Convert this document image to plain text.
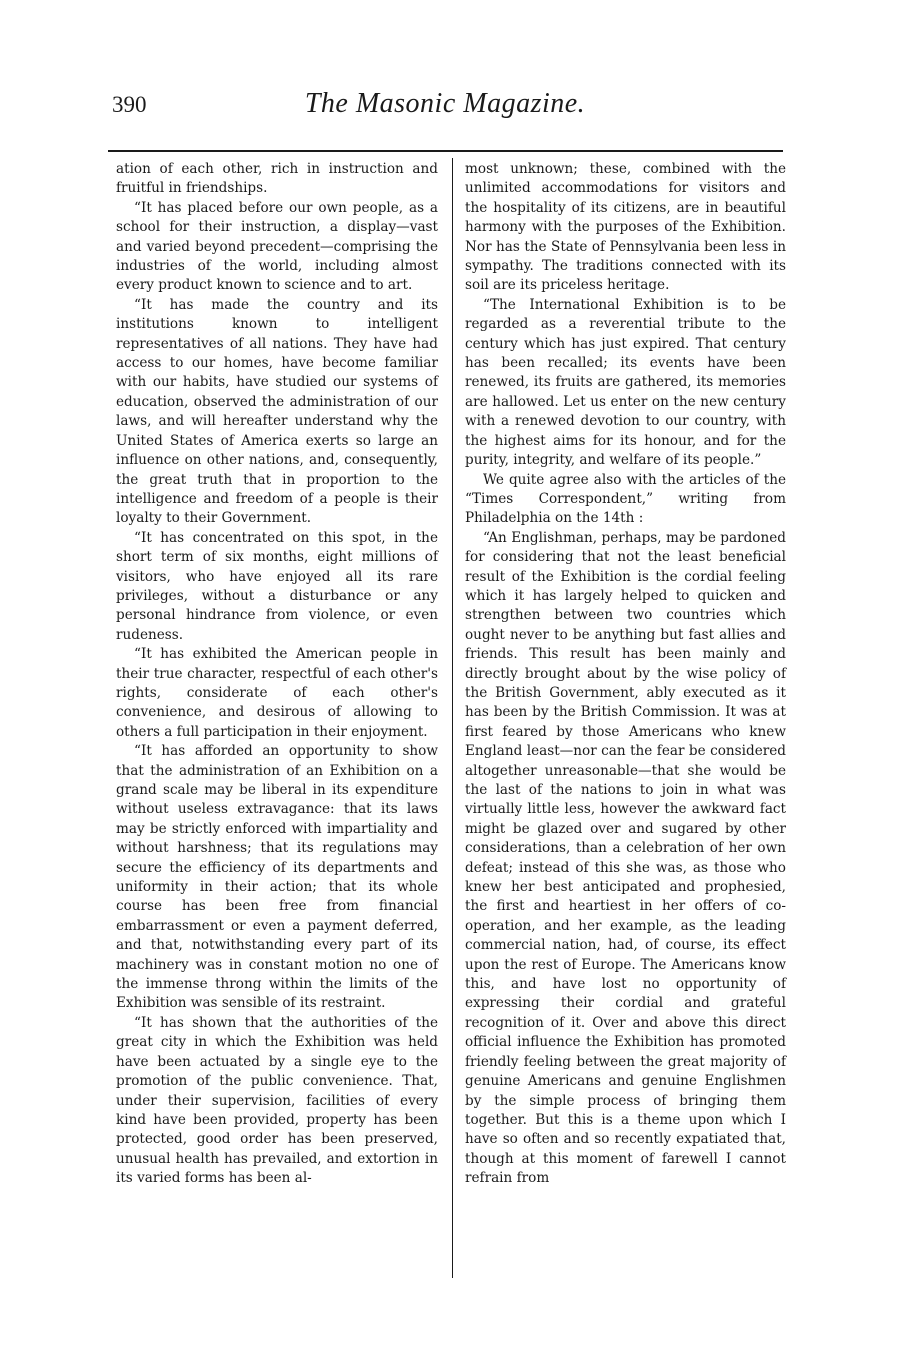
390	The Masonic Magazine.

ation of each other, rich in instruction and fruitful in friendships.

“It has placed before our own people, as a school for their instruction, a display—vast and varied beyond precedent—comprising the industries of the world, including almost every product known to science and to art.

“It has made the country and its institutions known to intelligent representatives of all nations. They have had access to our homes, have become familiar with our habits, have studied our systems of education, observed the administration of our laws, and will hereafter understand why the United States of America exerts so large an influence on other nations, and, consequently, the great truth that in proportion to the intelligence and freedom of a people is their loyalty to their Government.

“It has concentrated on this spot, in the short term of six months, eight millions of visitors, who have enjoyed all its rare privileges, without a disturbance or any personal hindrance from violence, or even rudeness.

“It has exhibited the American people in their true character, respectful of each other's rights, considerate of each other's convenience, and desirous of allowing to others a full participation in their enjoyment.

“It has afforded an opportunity to show that the administration of an Exhibition on a grand scale may be liberal in its expenditure without useless extravagance: that its laws may be strictly enforced with impartiality and without harshness; that its regulations may secure the efficiency of its departments and uniformity in their action; that its whole course has been free from financial embarrassment or even a payment deferred, and that, notwithstanding every part of its machinery was in constant motion no one of the immense throng within the limits of the Exhibition was sensible of its restraint.

“It has shown that the authorities of the great city in which the Exhibition was held have been actuated by a single eye to the promotion of the public convenience. That, under their supervision, facilities of every kind have been provided, property has been protected, good order has been preserved, unusual health has prevailed, and extortion in its varied forms has been al-

most unknown; these, combined with the unlimited accommodations for visitors and the hospitality of its citizens, are in beautiful harmony with the purposes of the Exhibition. Nor has the State of Pennsylvania been less in sympathy. The traditions connected with its soil are its priceless heritage.

“The International Exhibition is to be regarded as a reverential tribute to the century which has just expired. That century has been recalled; its events have been renewed, its fruits are gathered, its memories are hallowed. Let us enter on the new century with a renewed devotion to our country, with the highest aims for its honour, and for the purity, integrity, and welfare of its people.”

We quite agree also with the articles of the “Times Correspondent,” writing from Philadelphia on the 14th :

“An Englishman, perhaps, may be pardoned for considering that not the least beneficial result of the Exhibition is the cordial feeling which it has largely helped to quicken and strengthen between two countries which ought never to be anything but fast allies and friends. This result has been mainly and directly brought about by the wise policy of the British Government, ably executed as it has been by the British Commission. It was at first feared by those Americans who knew England least—nor can the fear be considered altogether unreasonable—that she would be the last of the nations to join in what was virtually little less, however the awkward fact might be glazed over and sugared by other considerations, than a celebration of her own defeat; instead of this she was, as those who knew her best anticipated and prophesied, the first and heartiest in her offers of co-operation, and her example, as the leading commercial nation, had, of course, its effect upon the rest of Europe. The Americans know this, and have lost no opportunity of expressing their cordial and grateful recognition of it. Over and above this direct official influence the Exhibition has promoted friendly feeling between the great majority of genuine Americans and genuine Englishmen by the simple process of bringing them together. But this is a theme upon which I have so often and so recently expatiated that, though at this moment of farewell I cannot refrain from
